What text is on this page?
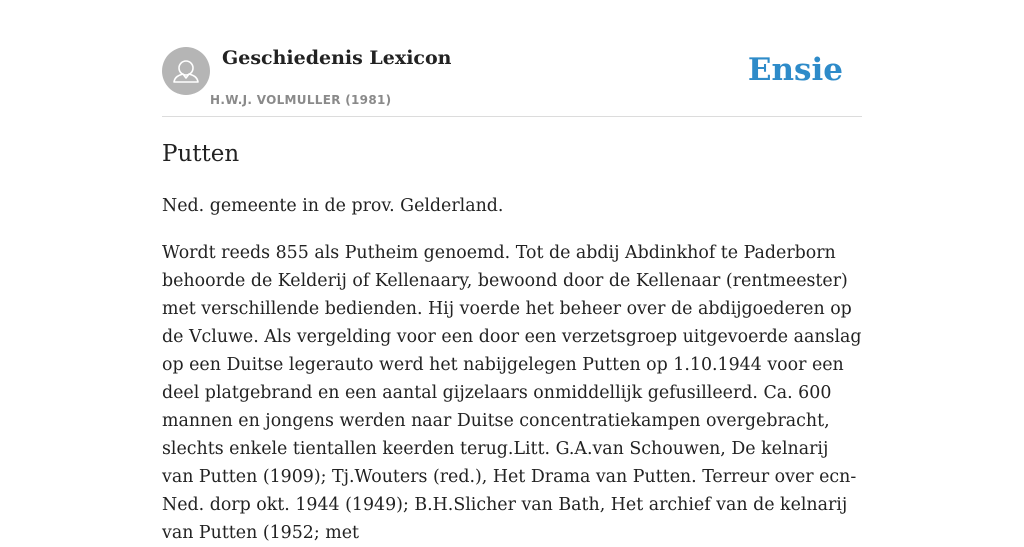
Geschiedenis Lexicon
H.W.J. VOLMULLER (1981)
Ensie
Putten

Ned. gemeente in de prov. Gelderland.

Wordt reeds 855 als Putheim genoemd. Tot de abdij Abdinkhof te Paderborn behoorde de Kelderij of Kellenaary, bewoond door de Kellenaar (rentmeester) met verschillende bedienden. Hij voerde het beheer over de abdijgoederen op de Vcluwe. Als vergelding voor een door een verzetsgroep uitgevoerde aanslag op een Duitse legerauto werd het nabijgelegen Putten op 1.10.1944 voor een deel platgebrand en een aantal gijzelaars onmiddellijk gefusilleerd. Ca. 600 mannen en jongens werden naar Duitse concentratiekampen overgebracht, slechts enkele tientallen keerden terug.Litt. G.A.van Schouwen, De kelnarij van Putten (1909); Tj.Wouters (red.), Het Drama van Putten. Terreur over ecn-Ned. dorp okt. 1944 (1949); B.H.Slicher van Bath, Het archief van de kelnarij van Putten (1952; met
